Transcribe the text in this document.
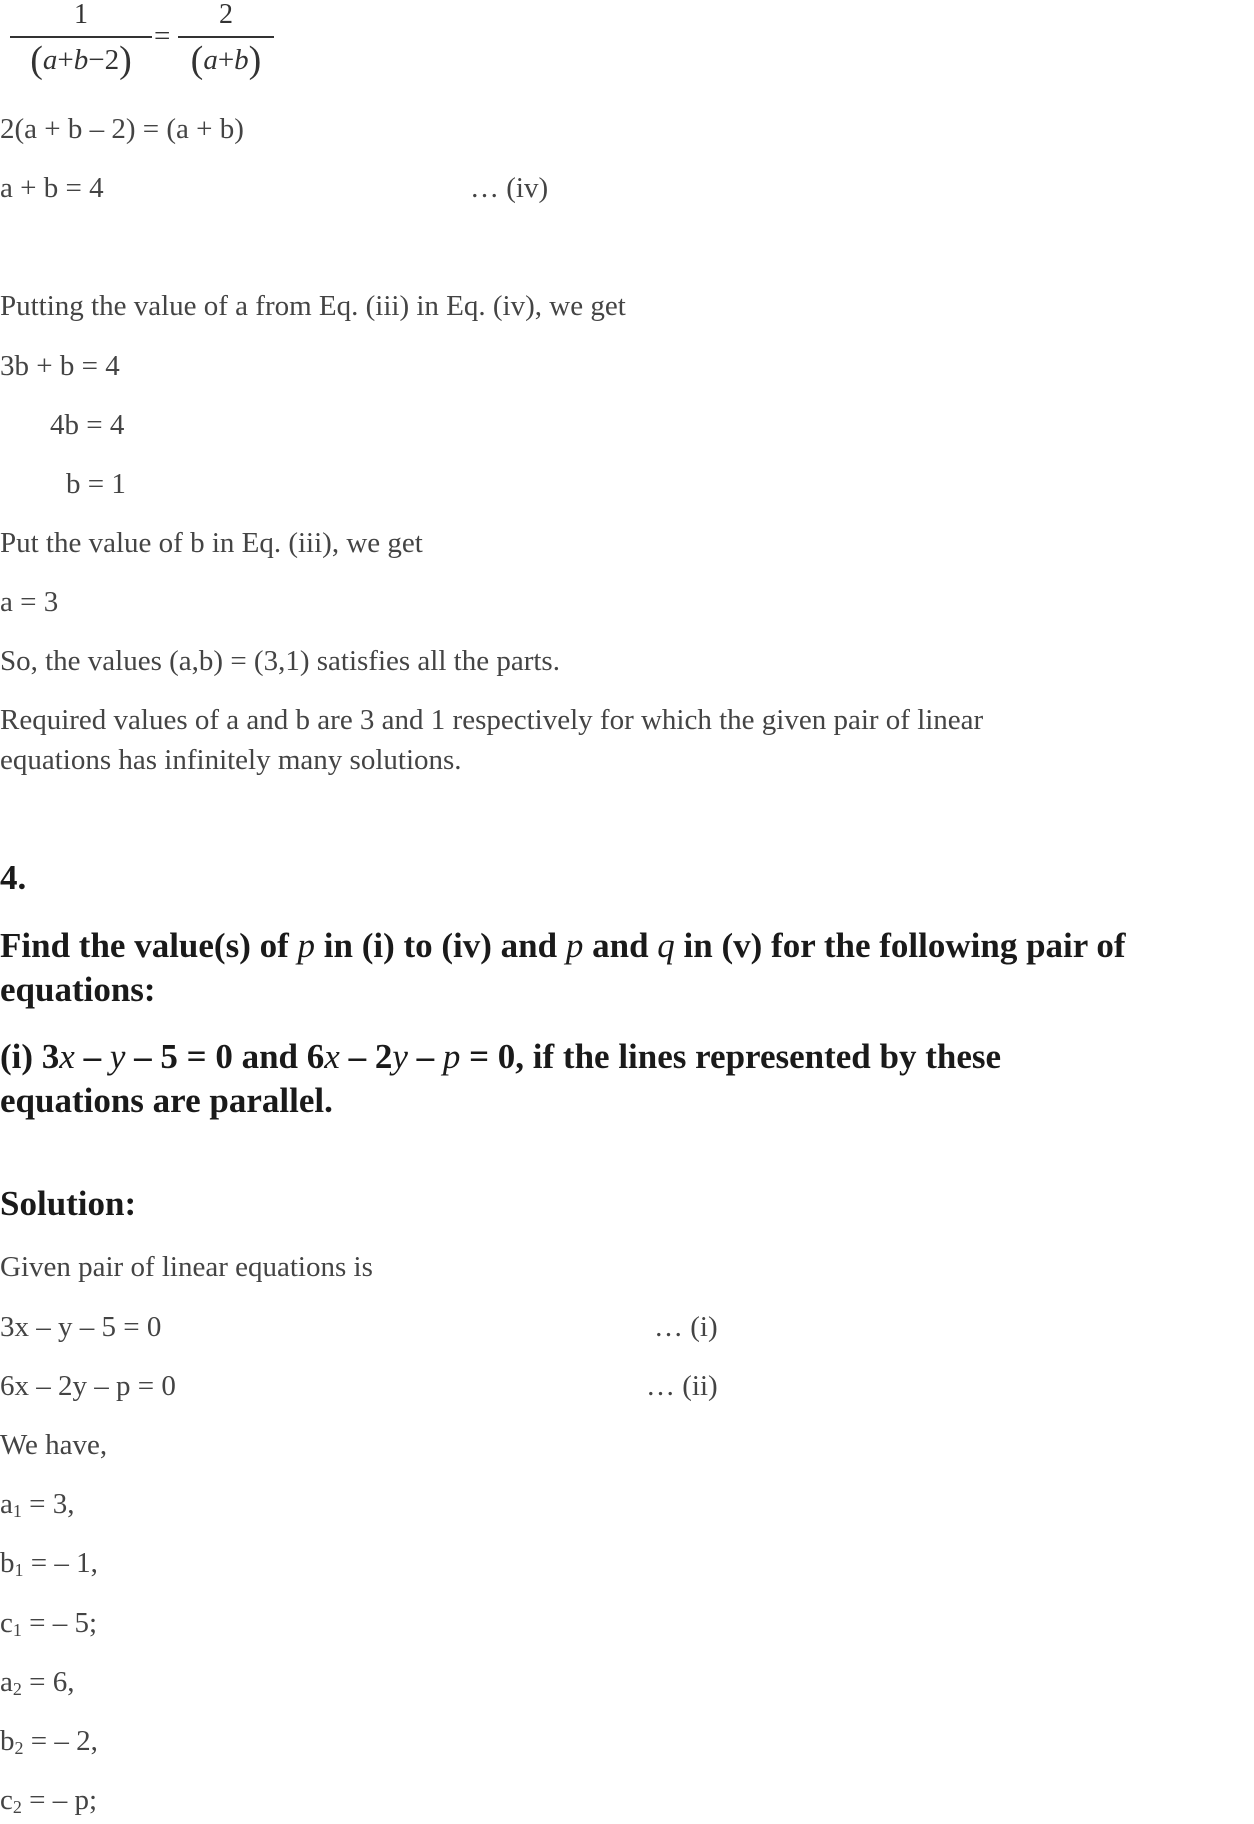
1
(a+b−2)
=
2
(a+b)
2(a + b – 2) = (a + b)
a + b = 4	… (iv)
Putting the value of a from Eq. (iii) in Eq. (iv), we get
3b + b = 4
4b = 4
b = 1
Put the value of b in Eq. (iii), we get
a = 3
So, the values (a,b) = (3,1) satisfies all the parts.
Required values of a and b are 3 and 1 respectively for which the given pair of linear
equations has infinitely many solutions.
4.
Find the value(s) of p in (i) to (iv) and p and q in (v) for the following pair of
equations:
(i) 3x – y – 5 = 0 and 6x – 2y – p = 0, if the lines represented by these
equations are parallel.
Solution:
Given pair of linear equations is
3x – y – 5 = 0	… (i)
6x – 2y – p = 0	… (ii)
We have,
$a_1 = 3$,
$b_1$ = – 1,
$c_1$ = – 5;
$a_2 = 6$,
$b_2$ = – 2,
$c_2$ = – p;
